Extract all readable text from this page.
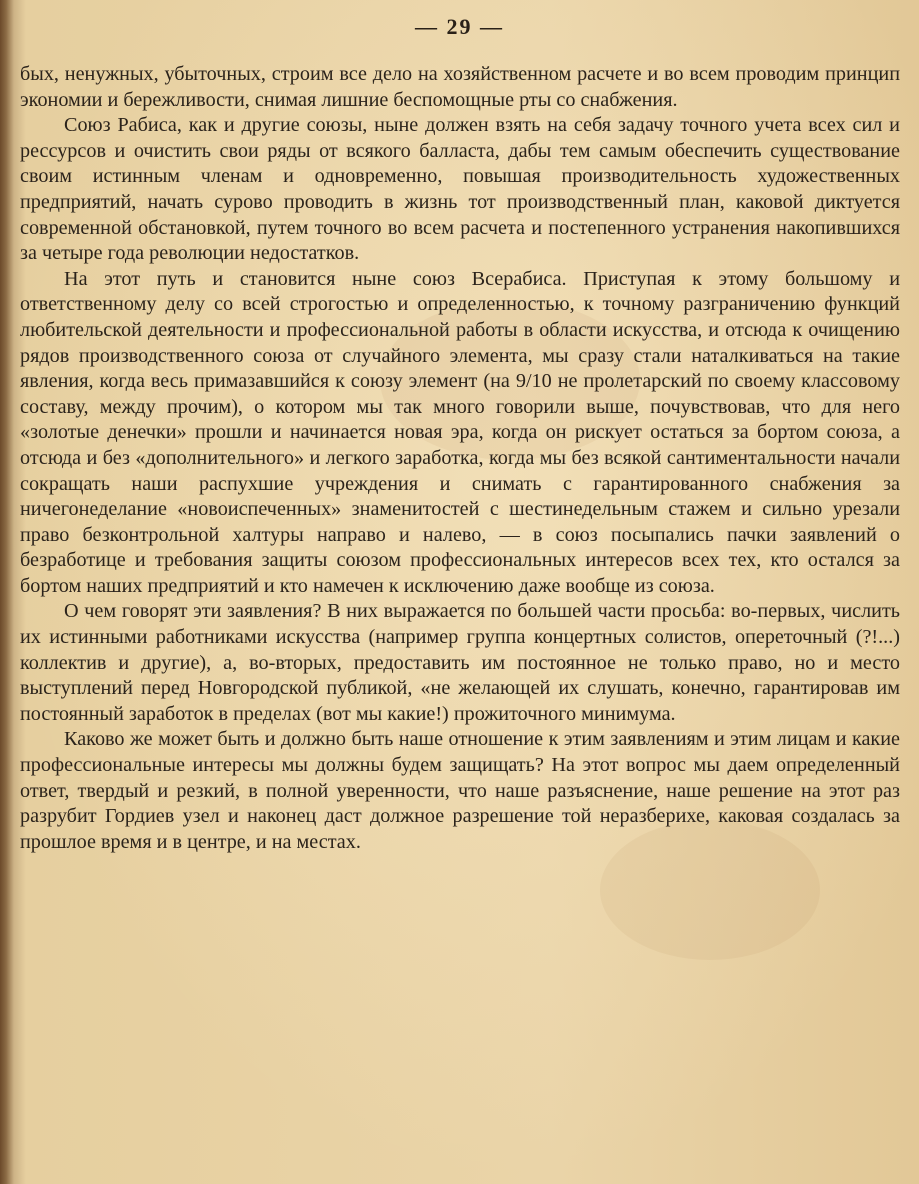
— 29 —

бых, ненужных, убыточных, строим все дело на хозяйственном расчете и во всем проводим принцип экономии и бережливости, снимая лишние беспомощные рты со снабжения.

Союз Рабиса, как и другие союзы, ныне должен взять на себя задачу точного учета всех сил и рессурсов и очистить свои ряды от всякого балласта, дабы тем самым обеспечить существование своим истинным членам и одновременно, повышая производительность художественных предприятий, начать сурово проводить в жизнь тот производственный план, каковой диктуется современной обстановкой, путем точного во всем расчета и постепенного устранения накопившихся за четыре года революции недостатков.

На этот путь и становится ныне союз Всерабиса. Приступая к этому большому и ответственному делу со всей строгостью и определенностью, к точному разграничению функций любительской деятельности и профессиональной работы в области искусства, и отсюда к очищению рядов производственного союза от случайного элемента, мы сразу стали наталкиваться на такие явления, когда весь примазавшийся к союзу элемент (на 9/10 не пролетарский по своему классовому составу, между прочим), о котором мы так много говорили выше, почувствовав, что для него «золотые денечки» прошли и начинается новая эра, когда он рискует остаться за бортом союза, а отсюда и без «дополнительного» и легкого заработка, когда мы без всякой сантиментальности начали сокращать наши распухшие учреждения и снимать с гарантированного снабжения за ничегонеделание «новоиспеченных» знаменитостей с шестинедельным стажем и сильно урезали право безконтрольной халтуры направо и налево, — в союз посыпались пачки заявлений о безработице и требования защиты союзом профессиональных интересов всех тех, кто остался за бортом наших предприятий и кто намечен к исключению даже вообще из союза.

О чем говорят эти заявления? В них выражается по большей части просьба: во-первых, числить их истинными работниками искусства (например группа концертных солистов, опереточный (?!...) коллектив и другие), а, во-вторых, предоставить им постоянное не только право, но и место выступлений перед Новгородской публикой, «не желающей их слушать, конечно, гарантировав им постоянный заработок в пределах (вот мы какие!) прожиточного минимума.

Каково же может быть и должно быть наше отношение к этим заявлениям и этим лицам и какие профессиональные интересы мы должны будем защищать? На этот вопрос мы даем определенный ответ, твердый и резкий, в полной уверенности, что наше разъяснение, наше решение на этот раз разрубит Гордиев узел и наконец даст должное разрешение той неразберихе, каковая создалась за прошлое время и в центре, и на местах.
